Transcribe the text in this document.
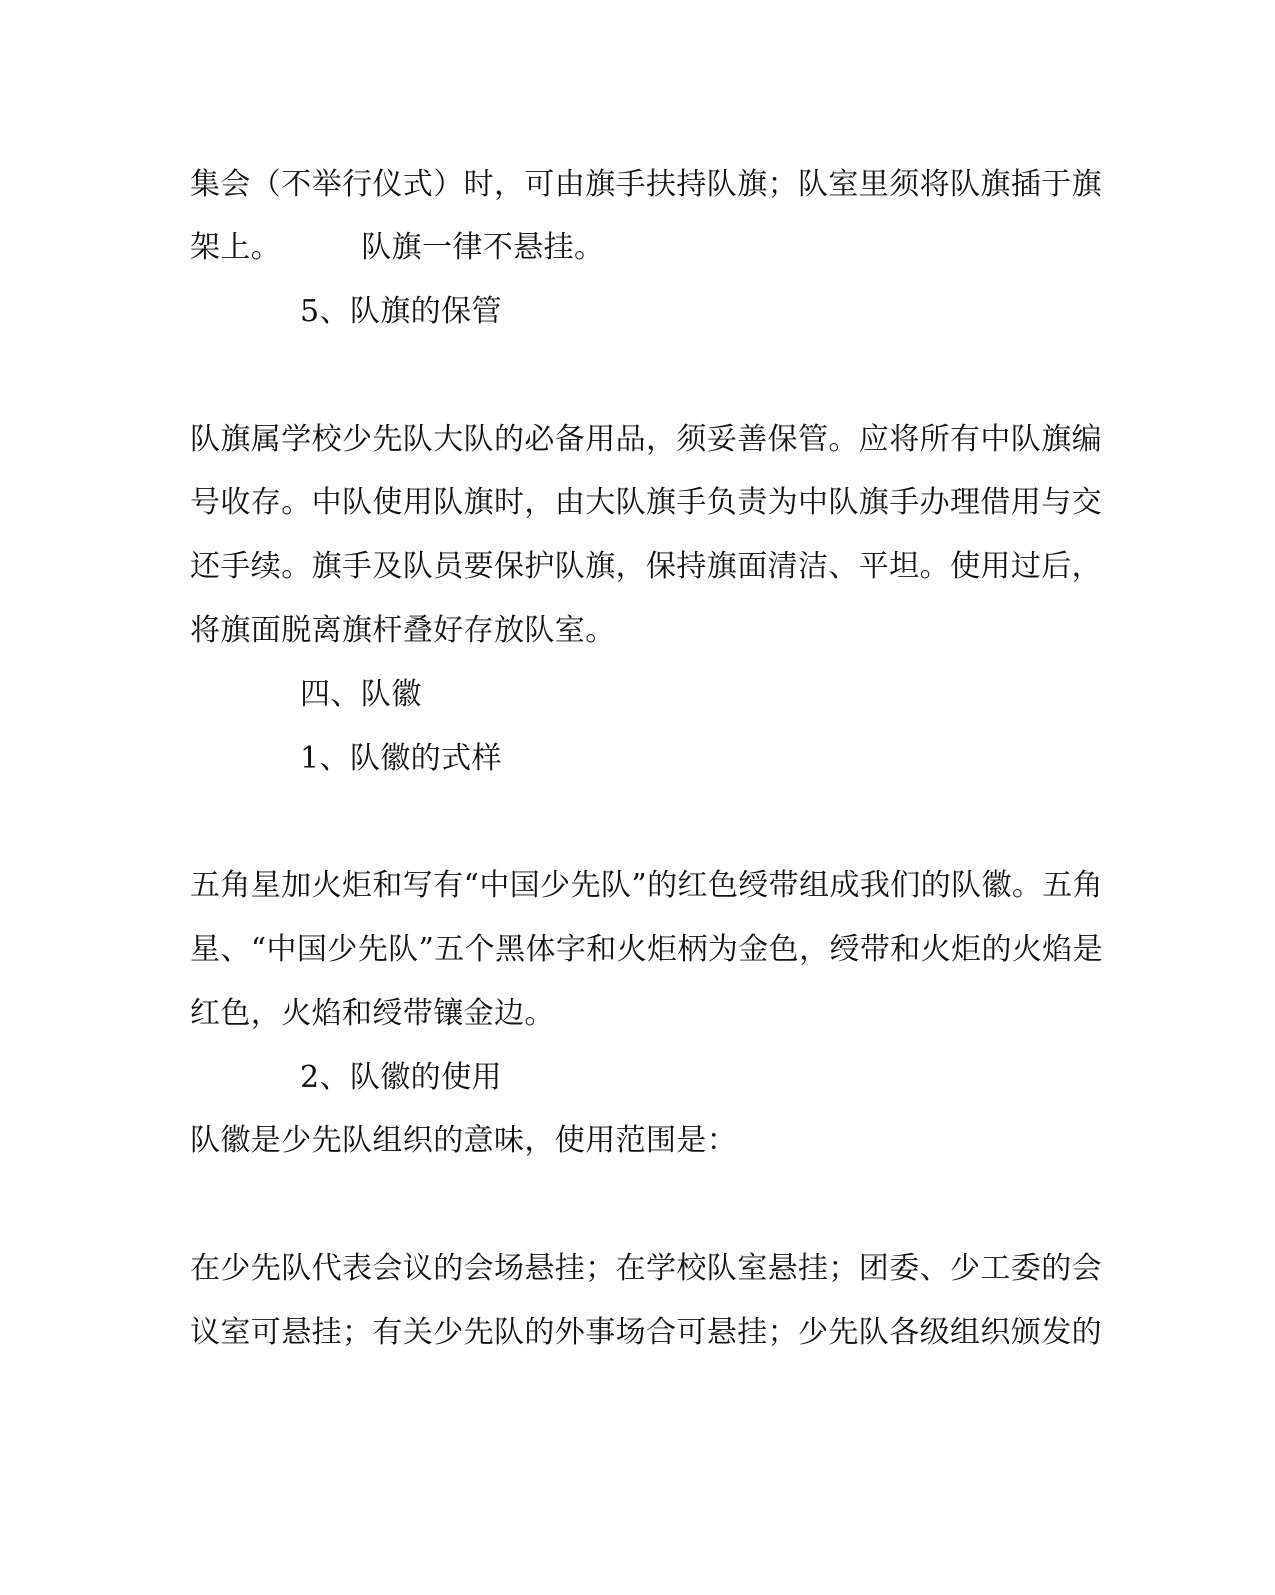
集会（不举行仪式）时，可由旗手扶持队旗；队室里须将队旗插于旗
架上。	队旗一律不悬挂。
5、队旗的保管
队旗属学校少先队大队的必备用品，须妥善保管。应将所有中队旗编
号收存。中队使用队旗时，由大队旗手负责为中队旗手办理借用与交
还手续。旗手及队员要保护队旗，保持旗面清洁、平坦。使用过后，
将旗面脱离旗杆叠好存放队室。
四、队徽
1、队徽的式样
五角星加火炬和写有“中国少先队”的红色绶带组成我们的队徽。五角
星、“中国少先队”五个黑体字和火炬柄为金色，绶带和火炬的火焰是
红色，火焰和绶带镶金边。
2、队徽的使用
队徽是少先队组织的意味，使用范围是：
在少先队代表会议的会场悬挂；在学校队室悬挂；团委、少工委的会
议室可悬挂；有关少先队的外事场合可悬挂；少先队各级组织颁发的
